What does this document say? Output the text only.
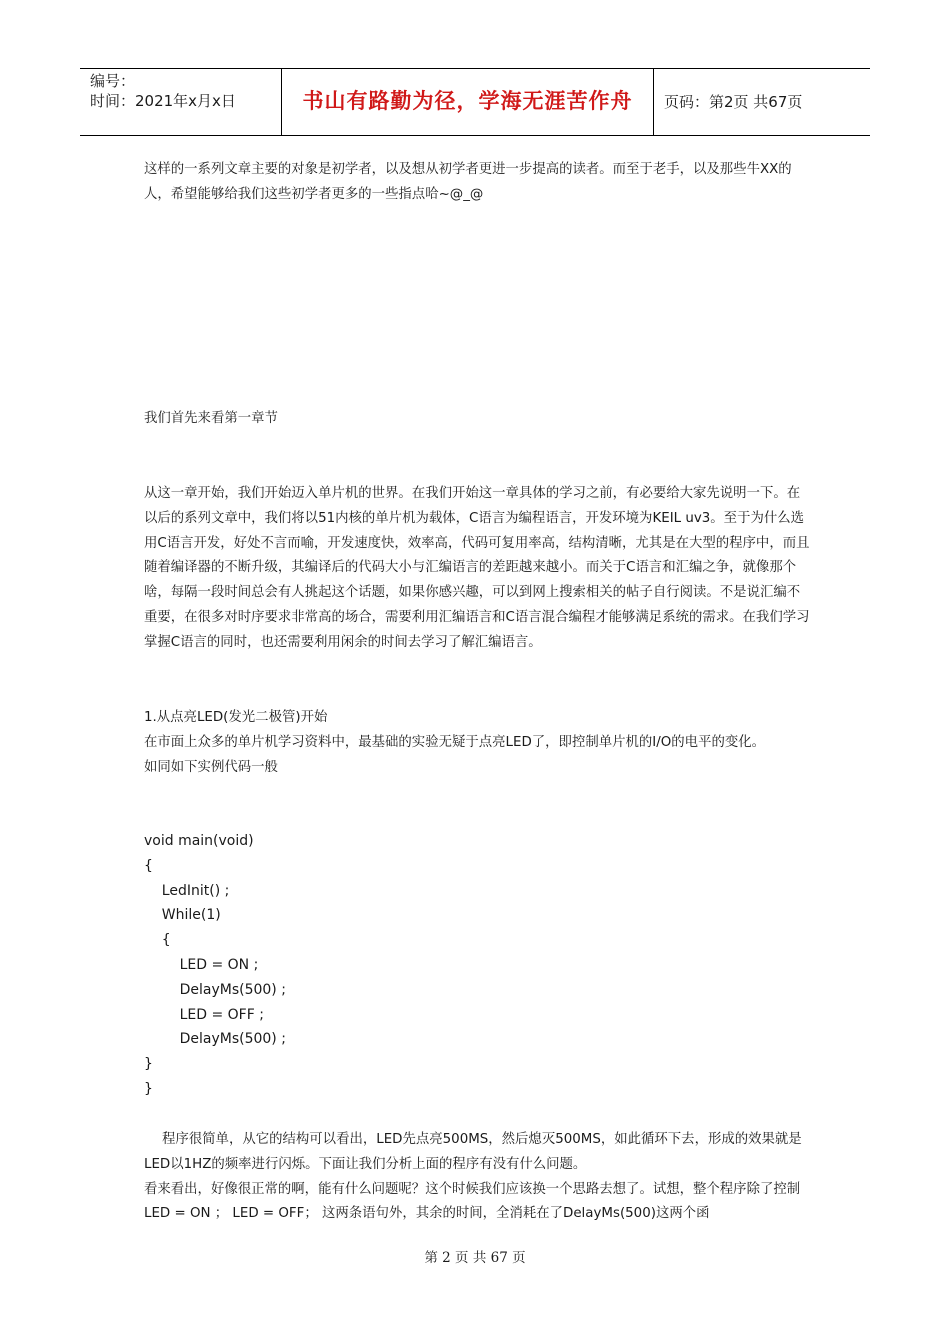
编号：
时间：2021年x月x日	书山有路勤为径，学海无涯苦作舟	页码：第2页 共67页

这样的一系列文章主要的对象是初学者，以及想从初学者更进一步提高的读者。而至于老手，以及那些牛XX的人，希望能够给我们这些初学者更多的一些指点哈~@_@

我们首先来看第一章节

从这一章开始，我们开始迈入单片机的世界。在我们开始这一章具体的学习之前，有必要给大家先说明一下。在以后的系列文章中，我们将以51内核的单片机为载体，C语言为编程语言，开发环境为KEIL uv3。至于为什么选用C语言开发，好处不言而喻，开发速度快，效率高，代码可复用率高，结构清晰，尤其是在大型的程序中，而且随着编译器的不断升级，其编译后的代码大小与汇编语言的差距越来越小。而关于C语言和汇编之争，就像那个啥，每隔一段时间总会有人挑起这个话题，如果你感兴趣，可以到网上搜索相关的帖子自行阅读。不是说汇编不重要，在很多对时序要求非常高的场合，需要利用汇编语言和C语言混合编程才能够满足系统的需求。在我们学习掌握C语言的同时，也还需要利用闲余的时间去学习了解汇编语言。

1.从点亮LED(发光二极管)开始

在市面上众多的单片机学习资料中，最基础的实验无疑于点亮LED了，即控制单片机的I/O的电平的变化。

如同如下实例代码一般

void main(void)
{
LedInit() ;
While(1)
{
LED = ON ;
DelayMs(500) ;
LED = OFF ;
DelayMs(500) ;
}
}

程序很简单，从它的结构可以看出，LED先点亮500MS，然后熄灭500MS，如此循环下去，形成的效果就是LED以1HZ的频率进行闪烁。下面让我们分析上面的程序有没有什么问题。

看来看出，好像很正常的啊，能有什么问题呢？这个时候我们应该换一个思路去想了。试想，整个程序除了控制LED = ON ； LED = OFF； 这两条语句外，其余的时间，全消耗在了DelayMs(500)这两个函

第 2 页 共 67 页
